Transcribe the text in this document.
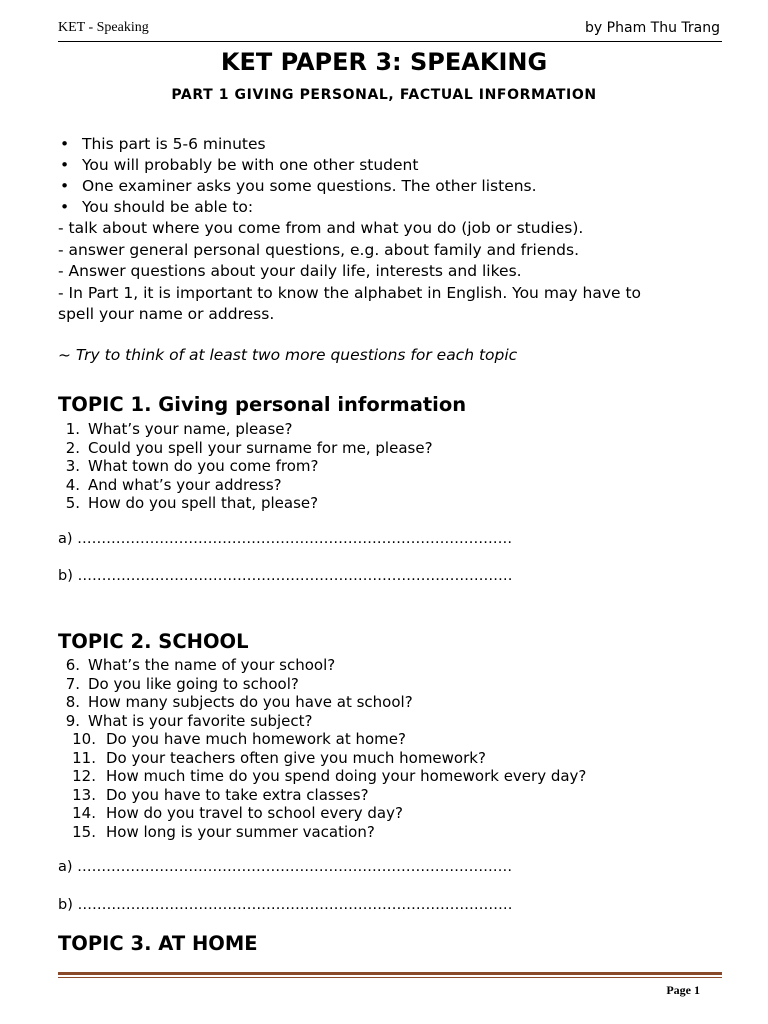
KET - Speaking	by Pham Thu Trang
KET PAPER 3: SPEAKING
PART 1 GIVING PERSONAL, FACTUAL INFORMATION
• This part is 5-6 minutes
• You will probably be with one other student
• One examiner asks you some questions. The other listens.
• You should be able to:
- talk about where you come from and what you do (job or studies).
- answer general personal questions, e.g. about family and friends.
- Answer questions about your daily life, interests and likes.
- In Part 1, it is important to know the alphabet in English. You may have to
spell your name or address.
~ Try to think of at least two more questions for each topic
TOPIC 1. Giving personal information
1. What’s your name, please?
2. Could you spell your surname for me, please?
3. What town do you come from?
4. And what’s your address?
5. How do you spell that, please?
a) ………………………………………………………………………………
b) ………………………………………………………………………………
TOPIC 2. SCHOOL
6. What’s the name of your school?
7. Do you like going to school?
8. How many subjects do you have at school?
9. What is your favorite subject?
10. Do you have much homework at home?
11. Do your teachers often give you much homework?
12. How much time do you spend doing your homework every day?
13. Do you have to take extra classes?
14. How do you travel to school every day?
15. How long is your summer vacation?
a) ………………………………………………………………………………
b) ………………………………………………………………………………
TOPIC 3. AT HOME
Page 1
